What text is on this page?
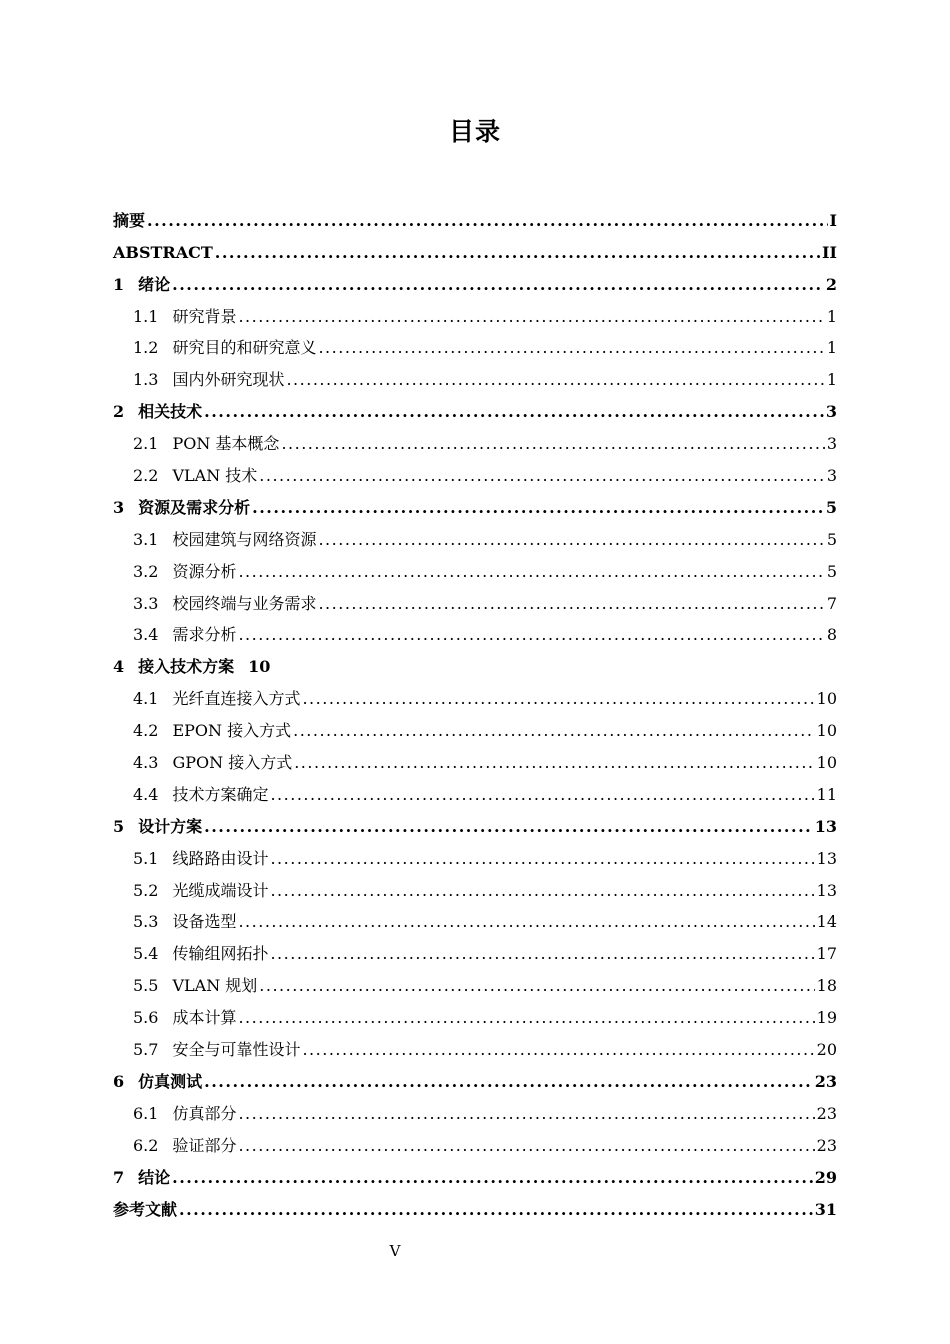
目录
摘要 .....	I
ABSTRACT .....	II
1 绪论 .....	2
1.1 研究背景 .....	1
1.2 研究目的和研究意义 .....	1
1.3 国内外研究现状 .....	1
2 相关技术 .....	3
2.1 PON 基本概念 .....	3
2.2 VLAN 技术 .....	3
3 资源及需求分析 .....	5
3.1 校园建筑与网络资源 .....	5
3.2 资源分析 .....	5
3.3 校园终端与业务需求 .....	7
3.4 需求分析 .....	8
4 接入技术方案 10
4.1 光纤直连接入方式 .....	10
4.2 EPON 接入方式 .....	10
4.3 GPON 接入方式 .....	10
4.4 技术方案确定 .....	11
5 设计方案 .....	13
5.1 线路路由设计 .....	13
5.2 光缆成端设计 .....	13
5.3 设备选型 .....	14
5.4 传输组网拓扑 .....	17
5.5 VLAN 规划 .....	18
5.6 成本计算 .....	19
5.7 安全与可靠性设计 .....	20
6 仿真测试 .....	23
6.1 仿真部分 .....	23
6.2 验证部分 .....	23
7 结论 .....	29
参考文献 .....	31
V
